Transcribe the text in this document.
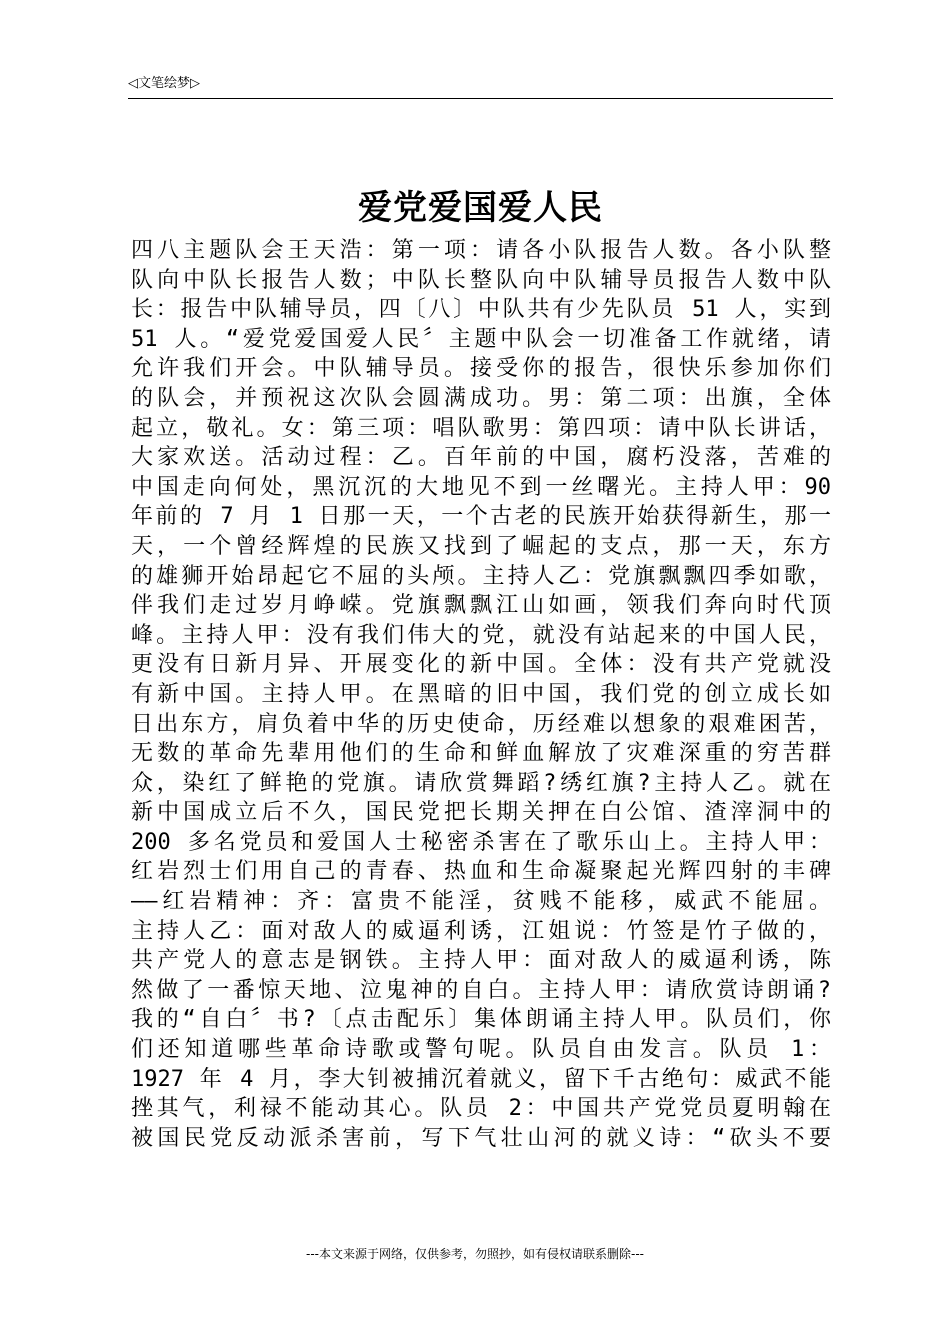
◁文笔绘梦▷
爱党爱国爱人民
四八主题队会王天浩：第一项：请各小队报告人数。各小队整
队向中队长报告人数；中队长整队向中队辅导员报告人数中队
长：报告中队辅导员，四〔八〕中队共有少先队员 51 人，实到
51 人。“爱党爱国爱人民〞主题中队会一切准备工作就绪，请
允许我们开会。中队辅导员。接受你的报告，很快乐参加你们
的队会，并预祝这次队会圆满成功。男：第二项：出旗，全体
起立，敬礼。女：第三项：唱队歌男：第四项：请中队长讲话，
大家欢送。活动过程：乙。百年前的中国，腐朽没落，苦难的
中国走向何处，黑沉沉的大地见不到一丝曙光。主持人甲：90
年前的 7 月 1 日那一天，一个古老的民族开始获得新生，那一
天，一个曾经辉煌的民族又找到了崛起的支点，那一天，东方
的雄狮开始昂起它不屈的头颅。主持人乙：党旗飘飘四季如歌，
伴我们走过岁月峥嵘。党旗飘飘江山如画，领我们奔向时代顶
峰。主持人甲：没有我们伟大的党，就没有站起来的中国人民，
更没有日新月异、开展变化的新中国。全体：没有共产党就没
有新中国。主持人甲。在黑暗的旧中国，我们党的创立成长如
日出东方，肩负着中华的历史使命，历经难以想象的艰难困苦，
无数的革命先辈用他们的生命和鲜血解放了灾难深重的穷苦群
众，染红了鲜艳的党旗。请欣赏舞蹈?绣红旗?主持人乙。就在
新中国成立后不久，国民党把长期关押在白公馆、渣滓洞中的
200 多名党员和爱国人士秘密杀害在了歌乐山上。主持人甲：
红岩烈士们用自己的青春、热血和生命凝聚起光辉四射的丰碑
——红岩精神：齐：富贵不能淫，贫贱不能移，威武不能屈。
主持人乙：面对敌人的威逼利诱，江姐说：竹签是竹子做的，
共产党人的意志是钢铁。主持人甲：面对敌人的威逼利诱，陈
然做了一番惊天地、泣鬼神的自白。主持人甲：请欣赏诗朗诵?
我的“自白〞书?〔点击配乐〕集体朗诵主持人甲。队员们，你
们还知道哪些革命诗歌或警句呢。队员自由发言。队员 1：
1927 年 4 月，李大钊被捕沉着就义，留下千古绝句：威武不能
挫其气，利禄不能动其心。队员 2：中国共产党党员夏明翰在
被国民党反动派杀害前，写下气壮山河的就义诗：“砍头不要
---本文来源于网络，仅供参考，勿照抄，如有侵权请联系删除---
